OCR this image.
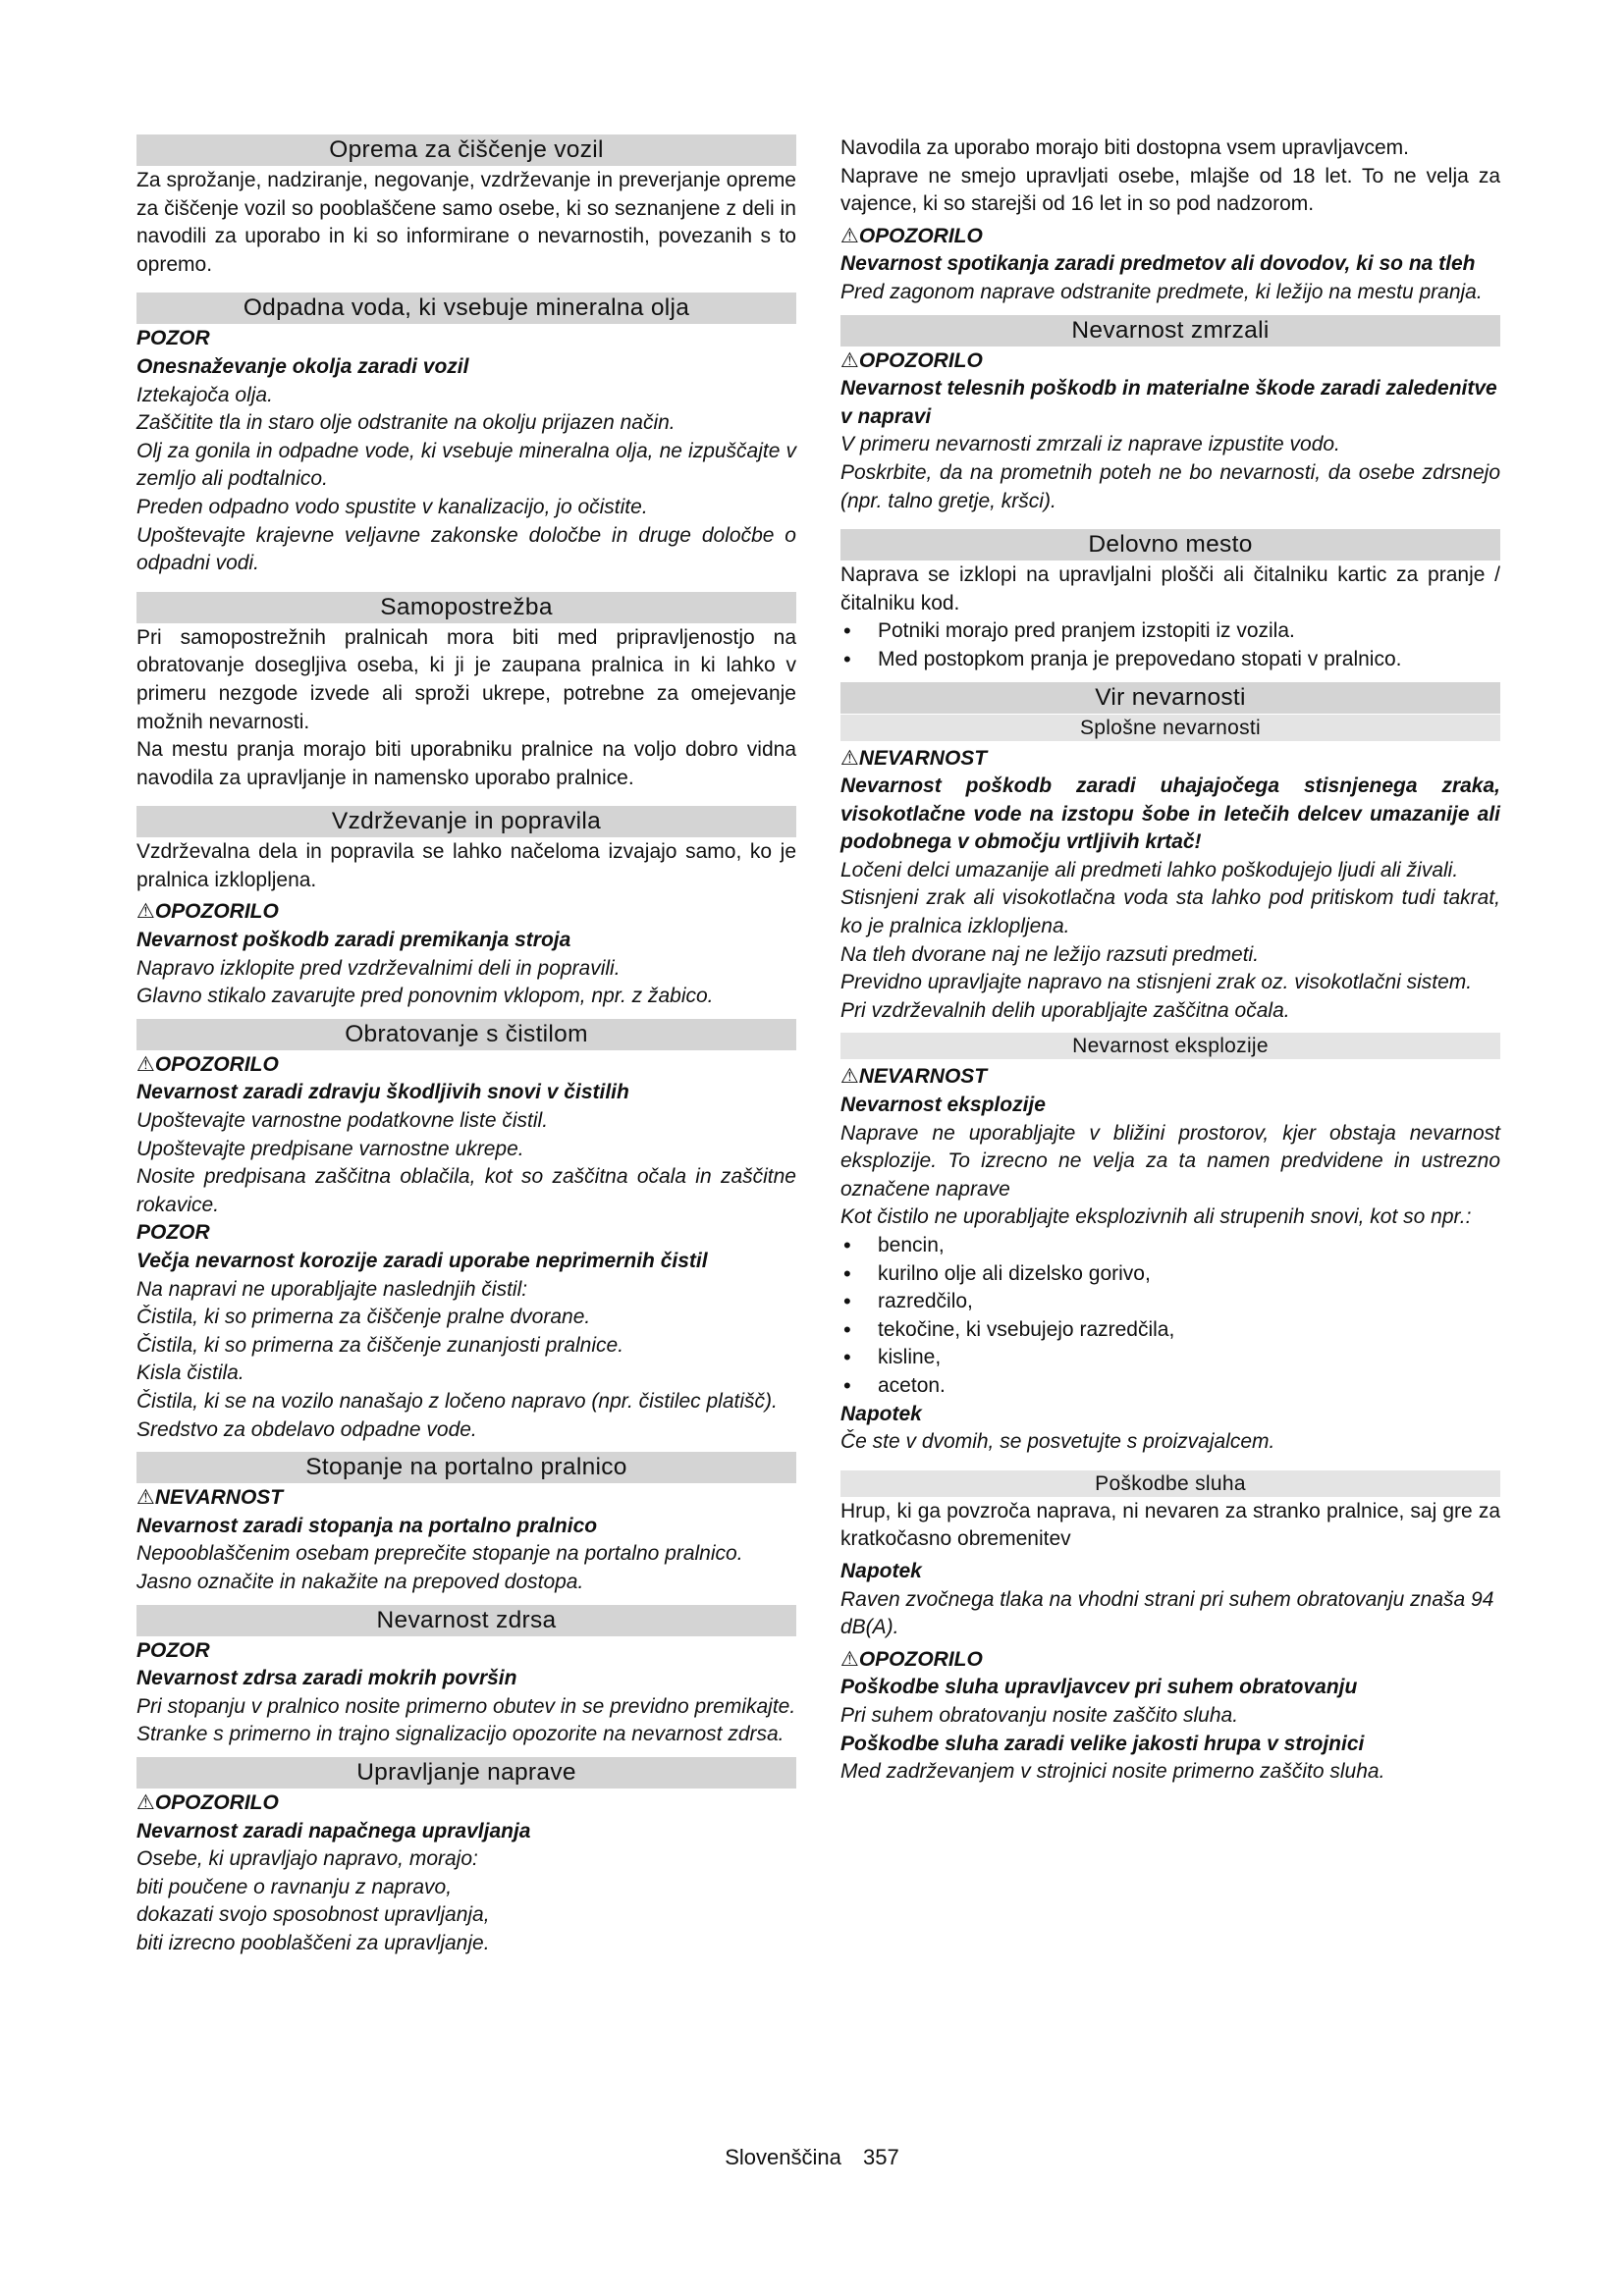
Oprema za čiščenje vozil

Za sprožanje, nadziranje, negovanje, vzdrževanje in preverjanje opreme za čiščenje vozil so pooblaščene samo osebe, ki so seznanjene z deli in navodili za uporabo in ki so informirane o nevarnostih, povezanih s to opremo.

Odpadna voda, ki vsebuje mineralna olja

POZOR

Onesnaževanje okolja zaradi vozil

Iztekajoča olja.

Zaščitite tla in staro olje odstranite na okolju prijazen način.

Olj za gonila in odpadne vode, ki vsebuje mineralna olja, ne izpuščajte v zemljo ali podtalnico.

Preden odpadno vodo spustite v kanalizacijo, jo očistite.

Upoštevajte krajevne veljavne zakonske določbe in druge določbe o odpadni vodi.

Samopostrežba

Pri samopostrežnih pralnicah mora biti med pripravljenostjo na obratovanje dosegljiva oseba, ki ji je zaupana pralnica in ki lahko v primeru nezgode izvede ali sproži ukrepe, potrebne za omejevanje možnih nevarnosti.

Na mestu pranja morajo biti uporabniku pralnice na voljo dobro vidna navodila za upravljanje in namensko uporabo pralnice.

Vzdrževanje in popravila

Vzdrževalna dela in popravila se lahko načeloma izvajajo samo, ko je pralnica izklopljena.

⚠OPOZORILO

Nevarnost poškodb zaradi premikanja stroja

Napravo izklopite pred vzdrževalnimi deli in popravili.

Glavno stikalo zavarujte pred ponovnim vklopom, npr. z žabico.

Obratovanje s čistilom

⚠OPOZORILO

Nevarnost zaradi zdravju škodljivih snovi v čistilih

Upoštevajte varnostne podatkovne liste čistil.

Upoštevajte predpisane varnostne ukrepe.

Nosite predpisana zaščitna oblačila, kot so zaščitna očala in zaščitne rokavice.

POZOR

Večja nevarnost korozije zaradi uporabe neprimernih čistil

Na napravi ne uporabljajte naslednjih čistil:

Čistila, ki so primerna za čiščenje pralne dvorane.

Čistila, ki so primerna za čiščenje zunanjosti pralnice.

Kisla čistila.

Čistila, ki se na vozilo nanašajo z ločeno napravo (npr. čistilec platišč).

Sredstvo za obdelavo odpadne vode.

Stopanje na portalno pralnico

⚠NEVARNOST

Nevarnost zaradi stopanja na portalno pralnico

Nepooblaščenim osebam preprečite stopanje na portalno pralnico.

Jasno označite in nakažite na prepoved dostopa.

Nevarnost zdrsa

POZOR

Nevarnost zdrsa zaradi mokrih površin

Pri stopanju v pralnico nosite primerno obutev in se previdno premikajte.

Stranke s primerno in trajno signalizacijo opozorite na nevarnost zdrsa.

Upravljanje naprave

⚠OPOZORILO

Nevarnost zaradi napačnega upravljanja

Osebe, ki upravljajo napravo, morajo:

biti poučene o ravnanju z napravo,

dokazati svojo sposobnost upravljanja,

biti izrecno pooblaščeni za upravljanje.

Navodila za uporabo morajo biti dostopna vsem upravljavcem.

Naprave ne smejo upravljati osebe, mlajše od 18 let. To ne velja za vajence, ki so starejši od 16 let in so pod nadzorom.

⚠OPOZORILO

Nevarnost spotikanja zaradi predmetov ali dovodov, ki so na tleh

Pred zagonom naprave odstranite predmete, ki ležijo na mestu pranja.

Nevarnost zmrzali

⚠OPOZORILO

Nevarnost telesnih poškodb in materialne škode zaradi zaledenitve v napravi

V primeru nevarnosti zmrzali iz naprave izpustite vodo.

Poskrbite, da na prometnih poteh ne bo nevarnosti, da osebe zdrsnejo (npr. talno gretje, kršci).

Delovno mesto

Naprava se izklopi na upravljalni plošči ali čitalniku kartic za pranje / čitalniku kod.

• Potniki morajo pred pranjem izstopiti iz vozila.
• Med postopkom pranja je prepovedano stopati v pralnico.
Vir nevarnosti
Splošne nevarnosti

⚠NEVARNOST

Nevarnost poškodb zaradi uhajajočega stisnjenega zraka, visokotlačne vode na izstopu šobe in letečih delcev umazanije ali podobnega v območju vrtljivih krtač!

Ločeni delci umazanije ali predmeti lahko poškodujejo ljudi ali živali.

Stisnjeni zrak ali visokotlačna voda sta lahko pod pritiskom tudi takrat, ko je pralnica izklopljena.

Na tleh dvorane naj ne ležijo razsuti predmeti.

Previdno upravljajte napravo na stisnjeni zrak oz. visokotlačni sistem.

Pri vzdrževalnih delih uporabljajte zaščitna očala.

Nevarnost eksplozije

⚠NEVARNOST

Nevarnost eksplozije

Naprave ne uporabljajte v bližini prostorov, kjer obstaja nevarnost eksplozije. To izrecno ne velja za ta namen predvidene in ustrezno označene naprave

Kot čistilo ne uporabljajte eksplozivnih ali strupenih snovi, kot so npr.:

• bencin,
• kurilno olje ali dizelsko gorivo,
• razredčilo,
• tekočine, ki vsebujejo razredčila,
• kisline,
• aceton.

Napotek

Če ste v dvomih, se posvetujte s proizvajalcem.

Poškodbe sluha

Hrup, ki ga povzroča naprava, ni nevaren za stranko pralnice, saj gre za kratkočasno obremenitev

Napotek

Raven zvočnega tlaka na vhodni strani pri suhem obratovanju znaša 94 dB(A).

⚠OPOZORILO

Poškodbe sluha upravljavcev pri suhem obratovanju

Pri suhem obratovanju nosite zaščito sluha.

Poškodbe sluha zaradi velike jakosti hrupa v strojnici

Med zadrževanjem v strojnici nosite primerno zaščito sluha.

Slovenščina 357
